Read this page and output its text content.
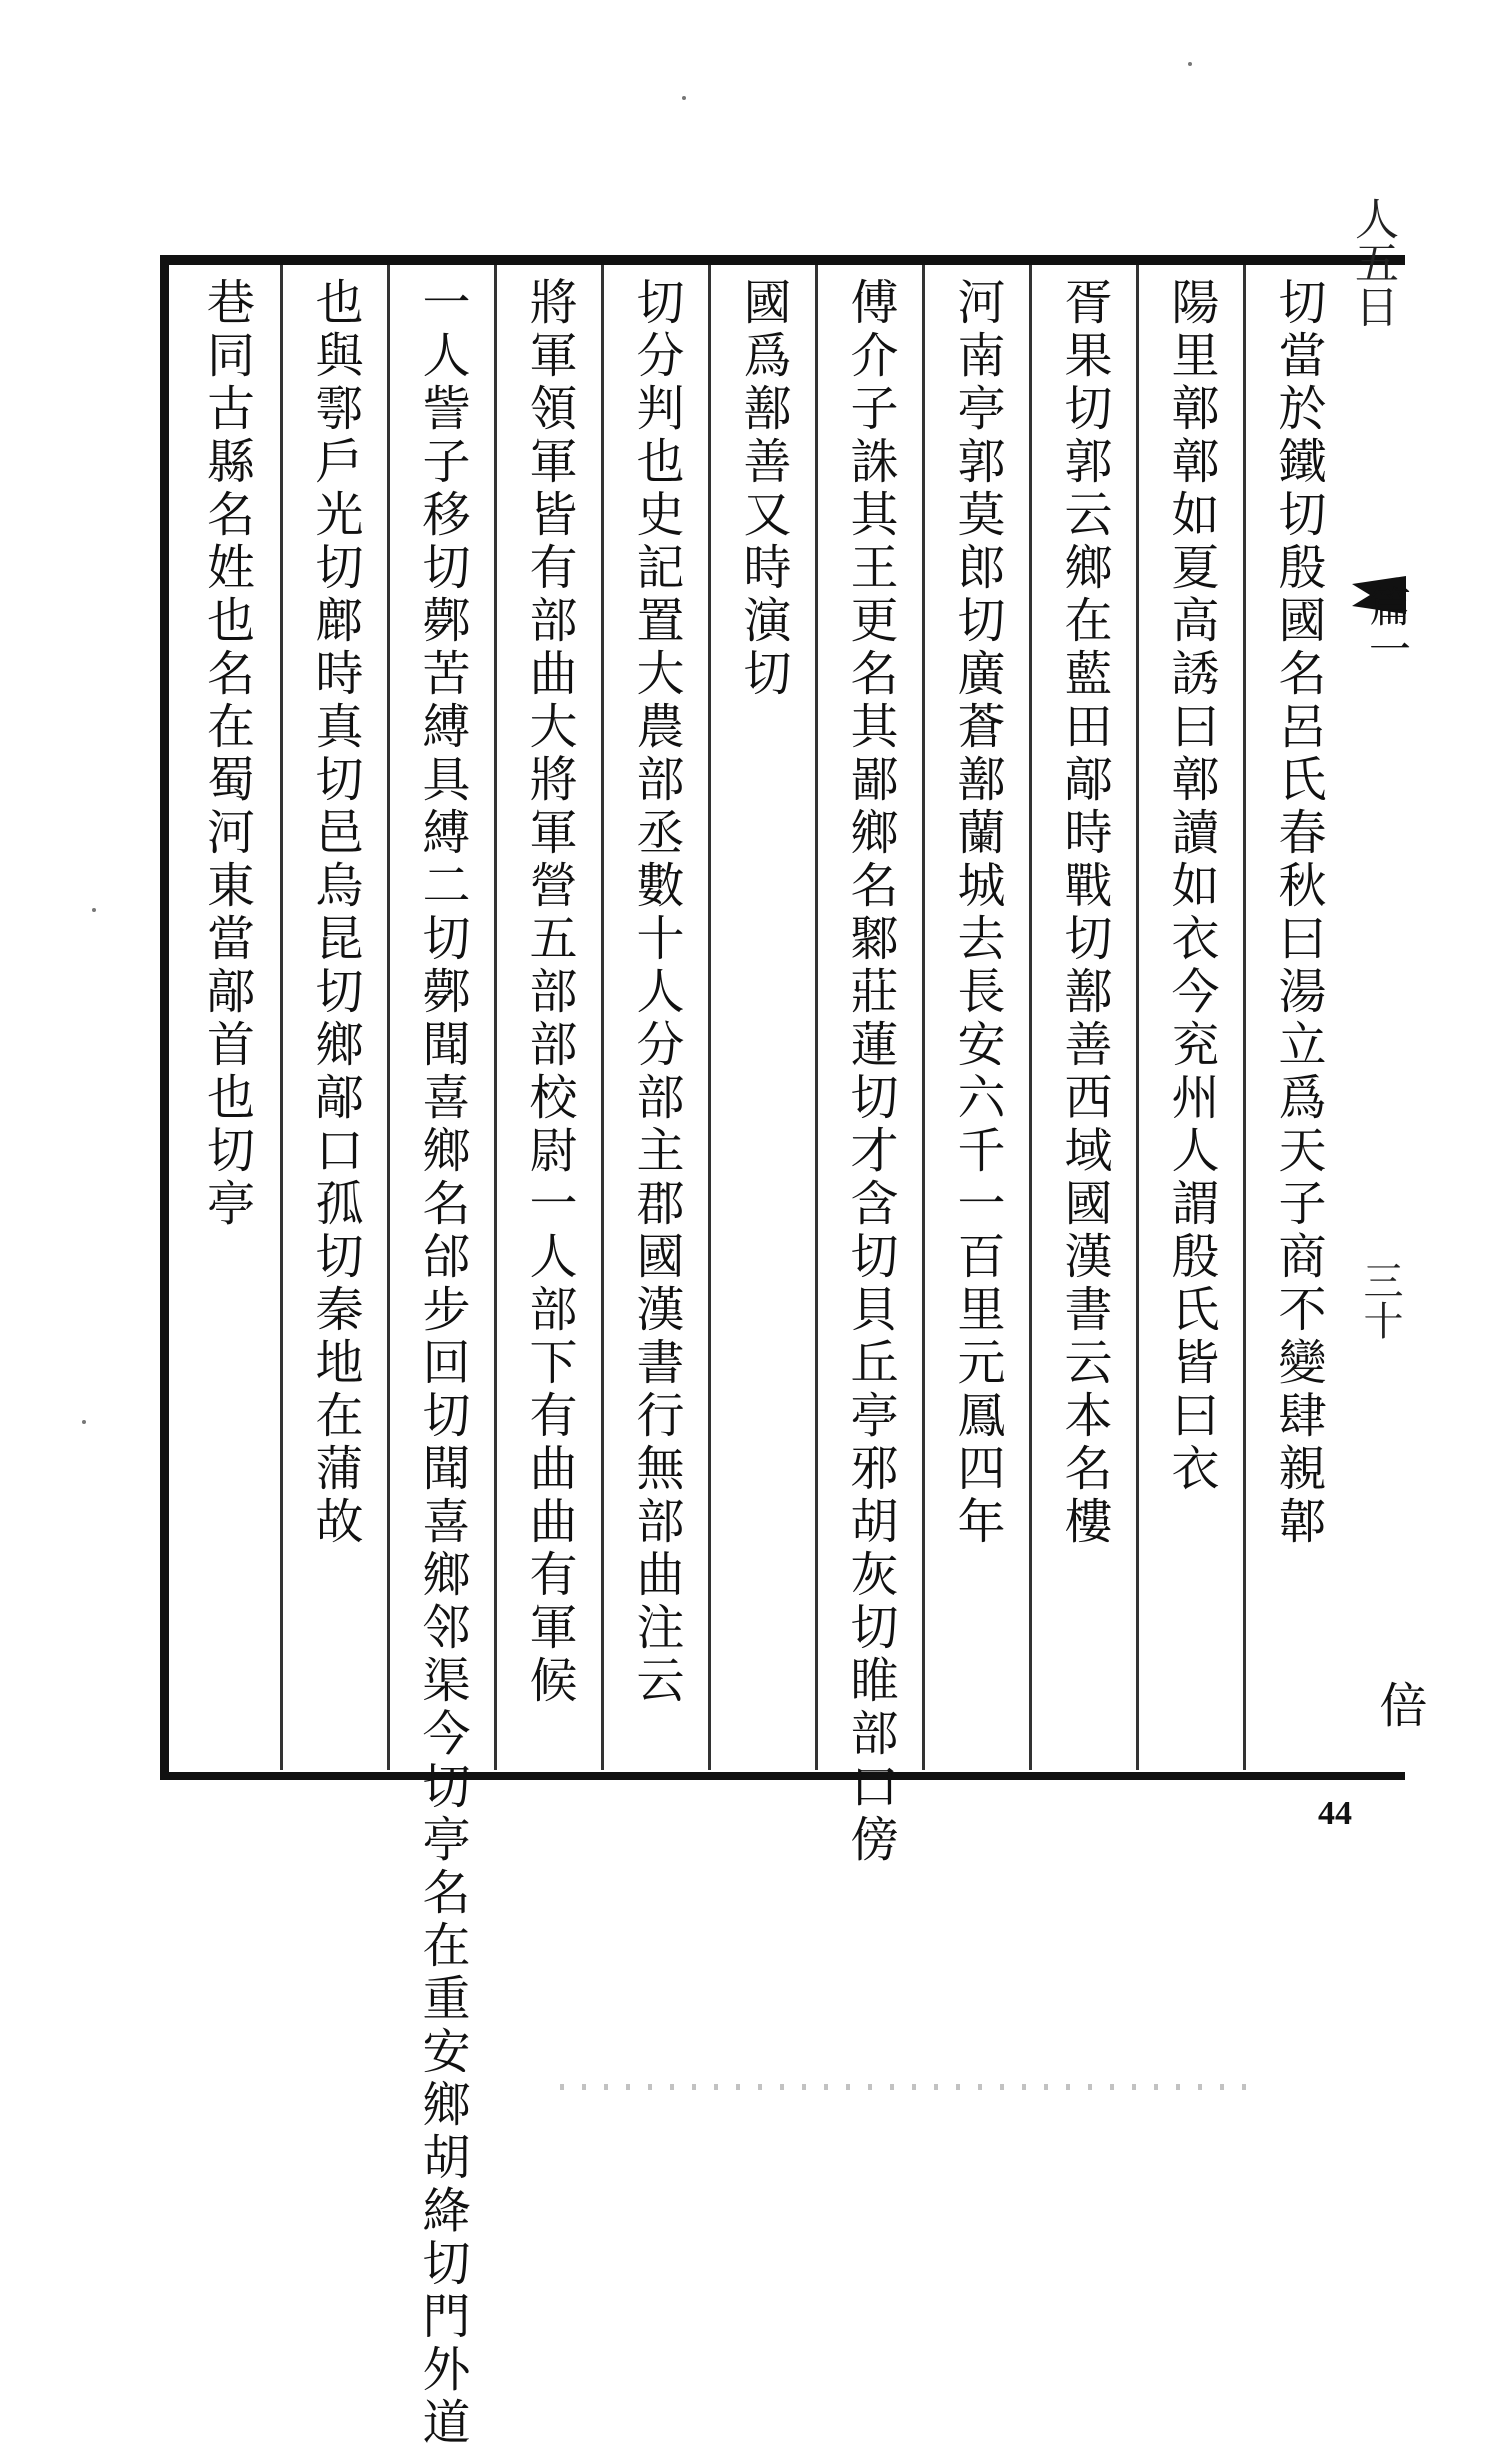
人五日
篇一
三十
倍
切當於鐵切殷國名呂氏春秋曰湯立爲天子商不變肆親郼
陽里鄣鄣如夏高誘曰鄣讀如衣今兖州人謂殷氏皆曰衣
胥果切郭云鄉在藍田鄗時戰切鄯善西域國漢書云本名樓
河南亭郭莫郎切廣蒼鄯蘭城去長安六千一百里元鳳四年
傅介子誅其王更名其鄙鄉名鄹莊蓮切才含切貝丘亭邪胡灰切睢部口傍
國爲鄯善又時演切
切分判也史記置大農部丞數十人分部主郡國漢書行無部曲注云
將軍領軍皆有部曲大將軍營五部部校尉一人部下有曲曲有軍候
一人訾子移切鄸苦縛具縛二切鄸聞喜鄉名邰步回切聞喜鄉邻渠今切亭名在重安鄉胡絳切門外道
也與鄠戶光切鄜時真切邑烏昆切鄉鄗口孤切秦地在蒲故
巷同古縣名姓也名在蜀河東當鄗首也切亭
44
